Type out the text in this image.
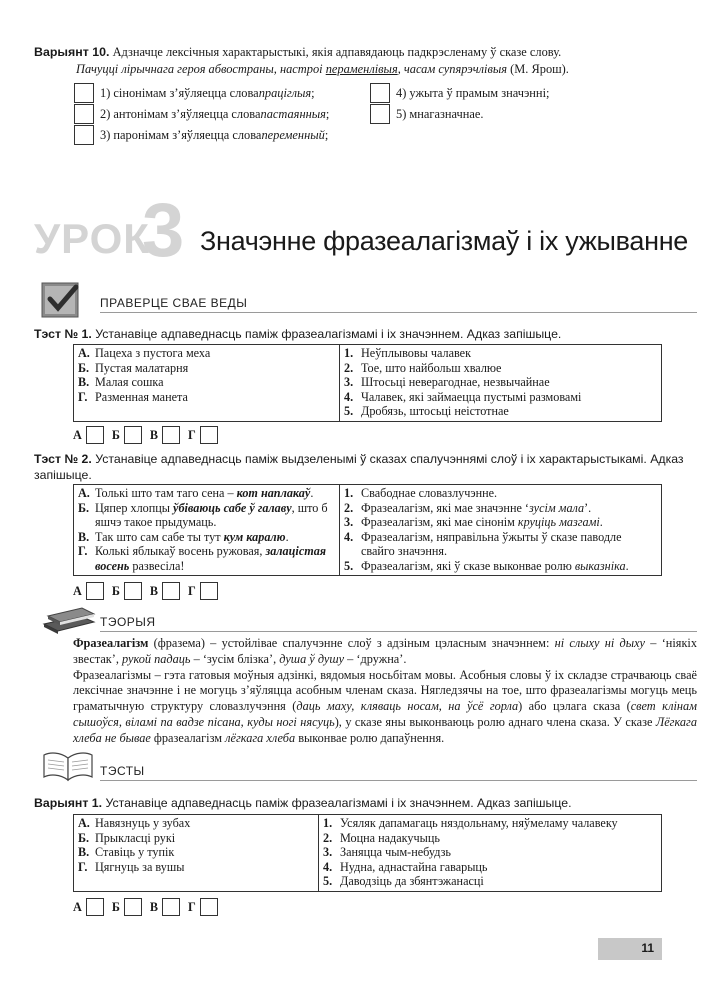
Варыянт 10. Адзначце лексічныя характарыстыкі, якія адпавядаюць падкрэсленаму ў сказе слову.
Пачуцці лірычнага героя абвостраны, настроі пераменлівыя, часам супярэчлівыя (М. Ярош).
1) сінонімам з’яўляецца слова праціглыя ;
2) антонімам з’яўляецца слова пастаянныя ;
3) паронімам з’яўляецца слова переменный ;
4) ужыта ў прамым значэнні;
5) мнагазначнае.
УРОК
3 Значэнне фразеалагізмаў і іх ужыванне
ПРАВЕРЦЕ СВАЕ ВЕДЫ
Тэст № 1. Устанавіце адпаведнасць паміж фразеалагізмамі і іх значэннем. Адказ запішыце.
А. Пацеха з пустога меха
Б. Пустая малатарня
В. Малая сошка
Г. Разменная манета

1. Неўплывовы чалавек
2. Тое, што найбольш хвалюе
3. Штосьці неверагоднае, незвычайнае
4. Чалавек, які займаецца пустымі размовамі
5. Дробязь, штосьці неістотнае
А Б В Г
Тэст № 2. Устанавіце адпаведнасць паміж выдзеленымі ў сказах спалучэннямі слоў і іх характарыстыкамі. Адказ запішыце.
А. Толькі што там таго сена – кот наплакаў.
Б. Цяпер хлопцы ўбіваюць сабе ў галаву, што б яшчэ такое прыдумаць.
В. Так што сам сабе ты тут кум каралю.
Г. Колькі яблыкаў восень ружовая, залацістая восень развесіла!

1. Свабоднае словазлучэнне.
2. Фразеалагізм, які мае значэнне ‘зусім мала’.
3. Фразеалагізм, які мае сінонім круціць мазгамі.
4. Фразеалагізм, няправільна ўжыты ў сказе паводле свайго значэння.
5. Фразеалагізм, які ў сказе выконвае ролю выказніка.
А Б В Г
ТЭОРЫЯ

Фразеалагізм (фразема) – устойлівае спалучэнне слоў з адзіным цэласным значэннем: ні слыху ні дыху – ‘ніякіх звестак’, рукой падаць – ‘зусім блізка’, душа ў душу – ‘дружна’.

Фразеалагізмы – гэта гатовыя моўныя адзінкі, вядомыя носьбітам мовы. Асобныя словы ў іх складзе страчваюць сваё лексічнае значэнне і не могуць з’яўляцца асобным членам сказа. Нягледзячы на тое, што фразеалагізмы могуць мець граматычную структуру словазлучэння (даць маху, кляваць носам, на ўсё горла) або цэлага сказа (свет клінам сышоўся, віламі па вадзе пісана, куды ногі нясуць), у сказе яны выконваюць ролю аднаго члена сказа. У сказе Лёгкага хлеба не бывае фразеалагізм лёгкага хлеба выконвае ролю дапаўнення.

ТЭСТЫ
Варыянт 1. Устанавіце адпаведнасць паміж фразеалагізмамі і іх значэннем. Адказ запішыце.
А. Навязнуць у зубах
Б. Прыкласці рукі
В. Ставіць у тупік
Г. Цягнуць за вушы

1. Усяляк дапамагаць няздольнаму, няўмеламу чалавеку
2. Моцна надакучыць
3. Заняцца чым-небудзь
4. Нудна, аднастайна гаварыць
5. Даводзіць да збянтэжанасці
А Б В Г
11
